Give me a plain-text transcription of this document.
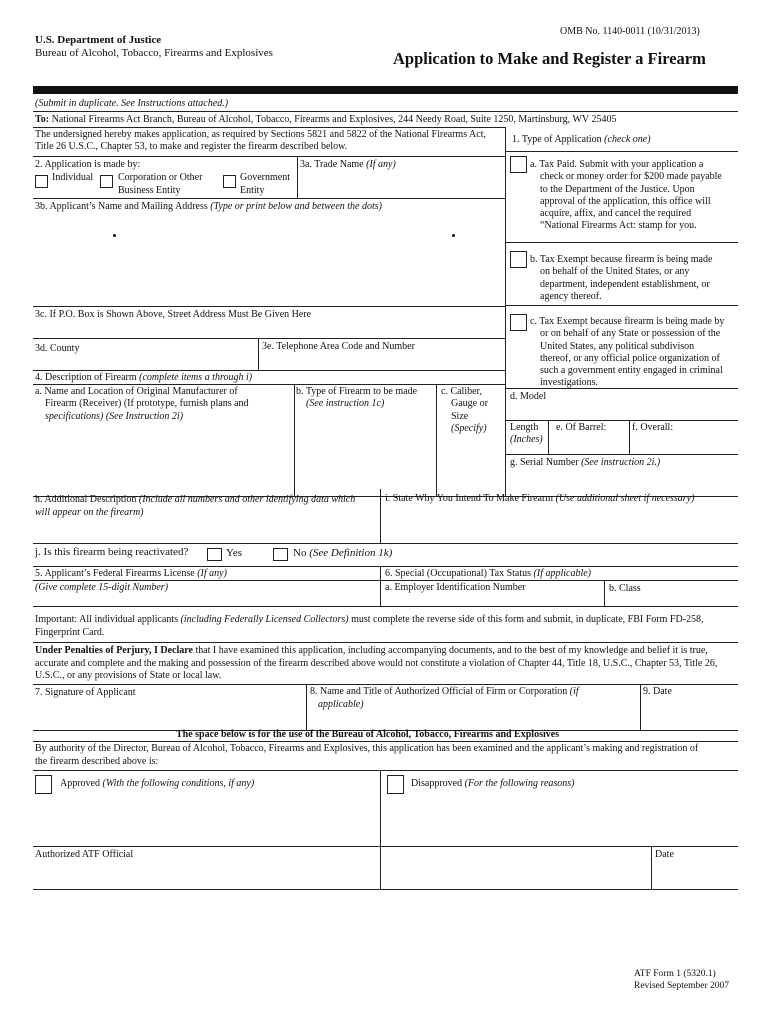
OMB No. 1140-0011 (10/31/2013)
U.S. Department of Justice
Bureau of Alcohol, Tobacco, Firearms and Explosives	Application to Make and Register a Firearm
(Submit in duplicate. See Instructions attached.)
To: National Firearms Act Branch, Bureau of Alcohol, Tobacco, Firearms and Explosives, 244 Needy Road, Suite 1250, Martinsburg, WV 25405
The undersigned hereby makes application, as required by Sections 5821 and 5822 of the National Firearms Act,
Title 26 U.S.C., Chapter 53, to make and register the firearm described below.
1. Type of Application (check one)
a. Tax Paid. Submit with your application a
check or money order for $200 made payable
to the Department of the Justice. Upon
approval of the application, this office will
acquire, affix, and cancel the required
“National Firearms Act: stamp for you.
b. Tax Exempt because firearm is being made
on behalf of the United States, or any
department, independent establishment, or
agency thereof.
c. Tax Exempt because firearm is being made by
or on behalf of any State or possession of the
United States, any political subdivison
thereof, or any official police organization of
such a government entity engaged in criminal
investigations.
2. Application is made by:
Individual Corporation or Other
Business Entity
Government
Entity
3a. Trade Name (If any)
3b. Applicant’s Name and Mailing Address (Type or print below and between the dots)
3c. If P.O. Box is Shown Above, Street Address Must Be Given Here
3d. County	3e. Telephone Area Code and Number
4. Description of Firearm (complete items a through i)
a. Name and Location of Original Manufacturer of
Firearm (Receiver) (If prototype, furnish plans and
specifications) (See Instruction 2i)
b. Type of Firearm to be made
(See instruction 1c)
c. Caliber,
Gauge or
Size
(Specify)
d. Model
Length
(Inches)
e. Of Barrel:	f. Overall:
g. Serial Number (See instruction 2i.)
h. Additional Description (Include all numbers and other identifying data which
will appear on the firearm)
i. State Why You Intend To Make Firearm (Use additional sheet if necessary)
j. Is this firearm being reactivated?	Yes	No (See Definition 1k)
5. Applicant’s Federal Firearms License (If any)
(Give complete 15-digit Number)
6. Special (Occupational) Tax Status (If applicable)
a. Employer Identification Number	b. Class
Important: All individual applicants (including Federally Licensed Collectors) must complete the reverse side of this form and submit, in duplicate, FBI Form FD-258,
Fingerprint Card.
Under Penalties of Perjury, I Declare that I have examined this application, including accompanying documents, and to the best of my knowledge and belief it is true,
accurate and complete and the making and possession of the firearm described above would not constitute a violation of Chapter 44, Title 18, U.S.C., Chapter 53, Title 26,
U.S.C., or any provisions of State or local law.
7. Signature of Applicant	8. Name and Title of Authorized Official of Firm or Corporation (if
applicable)
9. Date
The space below is for the use of the Bureau of Alcohol, Tobacco, Firearms and Explosives
By authority of the Director, Bureau of Alcohol, Tobacco, Firearms and Explosives, this application has been examined and the applicant’s making and registration of
the firearm described above is:
Approved (With the following conditions, if any)	Disapproved (For the following reasons)
Authorized ATF Official	Date
ATF Form 1 (5320.1)
Revised September 2007
